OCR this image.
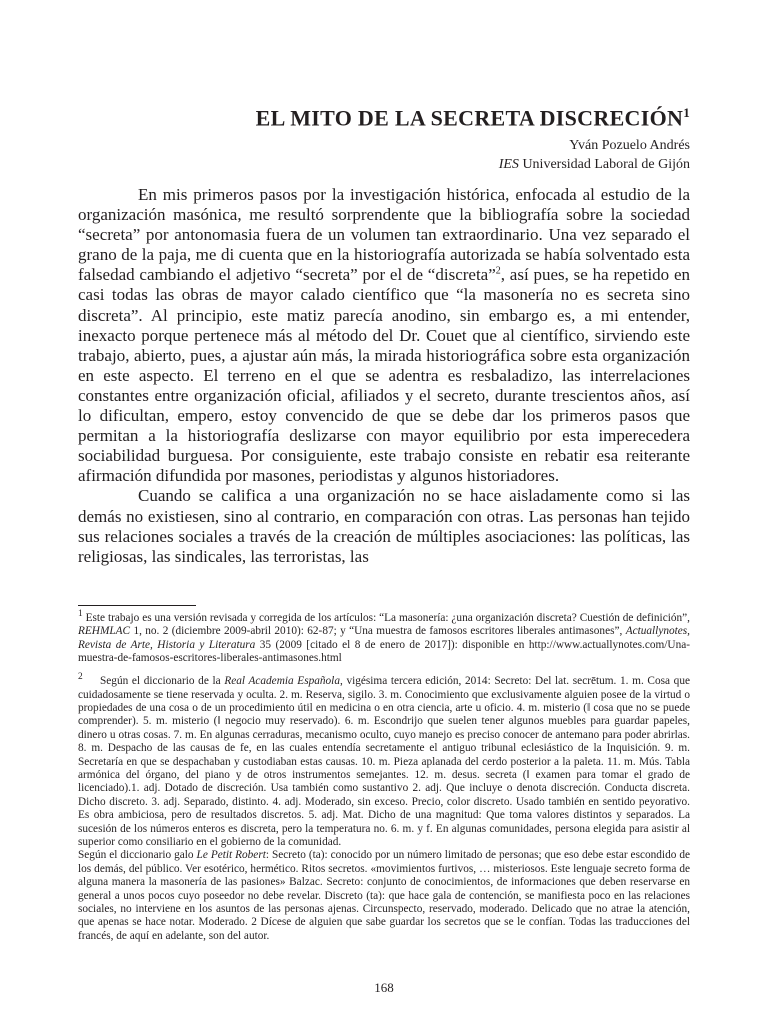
EL MITO DE LA SECRETA DISCRECIÓN$^1$
Yván Pozuelo Andrés
IES Universidad Laboral de Gijón

En mis primeros pasos por la investigación histórica, enfocada al estudio de la organización masónica, me resultó sorprendente que la bibliografía sobre la sociedad “secreta” por antonomasia fuera de un volumen tan extraordinario. Una vez separado el grano de la paja, me di cuenta que en la historiografía autorizada se había solventado esta falsedad cambiando el adjetivo “secreta” por el de “discreta”$^2$, así pues, se ha repetido en casi todas las obras de mayor calado científico que “la masonería no es secreta sino discreta”. Al principio, este matiz parecía anodino, sin embargo es, a mi entender, inexacto porque pertenece más al método del Dr. Couet que al científico, sirviendo este trabajo, abierto, pues, a ajustar aún más, la mirada historiográfica sobre esta organización en este aspecto. El terreno en el que se adentra es resbaladizo, las interrelaciones constantes entre organización oficial, afiliados y el secreto, durante trescientos años, así lo dificultan, empero, estoy convencido de que se debe dar los primeros pasos que permitan a la historiografía deslizarse con mayor equilibrio por esta imperecedera sociabilidad burguesa. Por consiguiente, este trabajo consiste en rebatir esa reiterante afirmación difundida por masones, periodistas y algunos historiadores.

Cuando se califica a una organización no se hace aisladamente como si las demás no existiesen, sino al contrario, en comparación con otras. Las personas han tejido sus relaciones sociales a través de la creación de múltiples asociaciones: las políticas, las religiosas, las sindicales, las terroristas, las

$^1$ Este trabajo es una versión revisada y corregida de los artículos: “La masonería: ¿una organización discreta? Cuestión de definición”, REHMLAC 1, no. 2 (diciembre 2009-abril 2010): 62-87; y “Una muestra de famosos escritores liberales antimasones”, Actuallynotes, Revista de Arte, Historia y Literatura 35 (2009 [citado el 8 de enero de 2017]): disponible en http://www.actuallynotes.com/Una-muestra-de-famosos-escritores-liberales-antimasones.html

$^2$ Según el diccionario de la Real Academia Española, vigésima tercera edición, 2014: Secreto: Del lat. secrētum. 1. m. Cosa que cuidadosamente se tiene reservada y oculta. 2. m. Reserva, sigilo. 3. m. Conocimiento que exclusivamente alguien posee de la virtud o propiedades de una cosa o de un procedimiento útil en medicina o en otra ciencia, arte u oficio. 4. m. misterio (‖ cosa que no se puede comprender). 5. m. misterio (‖ negocio muy reservado). 6. m. Escondrijo que suelen tener algunos muebles para guardar papeles, dinero u otras cosas. 7. m. En algunas cerraduras, mecanismo oculto, cuyo manejo es preciso conocer de antemano para poder abrirlas. 8. m. Despacho de las causas de fe, en las cuales entendía secretamente el antiguo tribunal eclesiástico de la Inquisición. 9. m. Secretaría en que se despachaban y custodiaban estas causas. 10. m. Pieza aplanada del cerdo posterior a la paleta. 11. m. Mús. Tabla armónica del órgano, del piano y de otros instrumentos semejantes. 12. m. desus. secreta (‖ examen para tomar el grado de licenciado).1. adj. Dotado de discreción. Usa también como sustantivo 2. adj. Que incluye o denota discreción. Conducta discreta. Dicho discreto. 3. adj. Separado, distinto. 4. adj. Moderado, sin exceso. Precio, color discreto. Usado también en sentido peyorativo. Es obra ambiciosa, pero de resultados discretos. 5. adj. Mat. Dicho de una magnitud: Que toma valores distintos y separados. La sucesión de los números enteros es discreta, pero la temperatura no. 6. m. y f. En algunas comunidades, persona elegida para asistir al superior como consiliario en el gobierno de la comunidad.

Según el diccionario galo Le Petit Robert: Secreto (ta): conocido por un número limitado de personas; que eso debe estar escondido de los demás, del público. Ver esotérico, hermético. Ritos secretos. «movimientos furtivos, … misteriosos. Este lenguaje secreto forma de alguna manera la masonería de las pasiones» Balzac. Secreto: conjunto de conocimientos, de informaciones que deben reservarse en general a unos pocos cuyo poseedor no debe revelar. Discreto (ta): que hace gala de contención, se manifiesta poco en las relaciones sociales, no interviene en los asuntos de las personas ajenas. Circunspecto, reservado, moderado. Delicado que no atrae la atención, que apenas se hace notar. Moderado. 2 Dícese de alguien que sabe guardar los secretos que se le confían. Todas las traducciones del francés, de aquí en adelante, son del autor.

168
